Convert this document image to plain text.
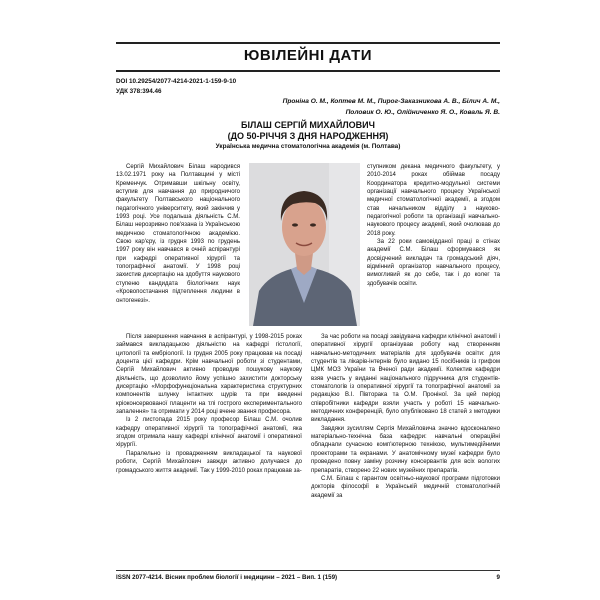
ЮВІЛЕЙНІ ДАТИ
DOI 10.29254/2077-4214-2021-1-159-9-10
УДК 378:394.46
Проніна О. М., Коптев М. М., Пирог-Заказникова А. В., Білич А. М.,
Половик О. Ю., Олійниченко Я. О., Коваль Я. В.
БІЛАШ СЕРГІЙ МИХАЙЛОВИЧ
(ДО 50-РІЧЧЯ З ДНЯ НАРОДЖЕННЯ)
Українська медична стоматологічна академія (м. Полтава)

Сергій Михайлович Білаш народився 13.02.1971 року на Полтавщині у місті Кременчук. Отримавши шкільну освіту, вступив для навчання до природничого факультету Полтавського національного педагогічного університету, який закінчив у 1993 році. Усе подальша діяльність С.М. Білаш нерозривно пов'язана із Українською медичною стоматологічною академією. Свою кар'єру, із грудня 1993 по грудень 1997 року він навчався в очній аспірантурі при кафедрі оперативної хірургії та топографічної анатомії. У 1998 році захистив дисертацію на здобуття наукового ступеню кандидата біологічних наук «Кровопостачання підтеплення людини в онтогенезі».

ступником декана медичного факультету, у 2010-2014 роках обіймав посаду Координатора кредитно-модульної системи організації навчального процесу Української медичної стоматологічної академії, а згодом став начальником відділу з науково-педагогічної роботи та організації навчально-наукового процесу академії, який очолював до 2018 року.

За 22 роки самовідданої праці в стінах академії С.М. Білаш сформувався як досвідчений викладач та громадський діяч, відмінний організатор навчального процесу, вимогливий як до себе, так і до колег та здобувачів освіти.

Після завершення навчання в аспірантурі, у 1998-2015 роках займався викладацькою діяльністю на кафедрі гістології, цитології та ембріології. Із грудня 2005 року працював на посаді доцента цієї кафедри. Крім навчальної роботи зі студентами, Сергій Михайлович активно проводив пошукову наукову діяльність, що дозволило йому успішно захистити докторську дисертацію «Морфофункціональна характеристика структурних компонентів шлунку інтактних щурів та при введенні кріоконсервованої плаценти на тлі гострого експериментального запалення» та отримати у 2014 році вчене звання професора.

Із 2 листопада 2015 року професор Білаш С.М. очолив кафедру оперативної хірургії та топографічної анатомії, яка згодом отримала нашу кафедрі клінічної анатомії і оперативної хірургії.

Паралельно із провадженням викладацької та наукової роботи, Сергій Михайлович завжди активно долучався до громадського життя академії. Так у 1999-2010 роках працював за-

За час роботи на посаді завідувача кафедри клінічної анатомії і оперативної хірургії організував роботу над створенням навчально-методичних матеріалів для здобувачів освіти: для студентів та лікарів-інтернів було видано 15 посібників із грифом ЦМК МОЗ України та Вченої ради академії. Колектив кафедри взяв участь у виданні національного підручника для студентів-стоматологів із оперативної хірургії та топографічної анатомії за редакцією В.І. Півторака та О.М. Проніної. За цей період співробітники кафедри взяли участь у роботі 15 навчально-методичних конференцій, було опубліковано 18 статей з методики викладання.

Завдяки зусиллям Сергія Михайловича значно вдосконалено матеріально-технічна база кафедри: навчальні операційні обладнали сучасною комп'ютерною технікою, мультимедійними проекторами та екранами. У анатомічному музеї кафедри було проведено повну заміну розчину консервантів для всіх вологих препаратів, створено 22 нових музейних препаратів.

С.М. Білаш є гарантом освітньо-наукової програми підготовки докторів філософії в Українській медичній стоматологічній академії за

ISSN 2077-4214. Вісник проблем біології і медицини – 2021 – Вип. 1 (159)	9
